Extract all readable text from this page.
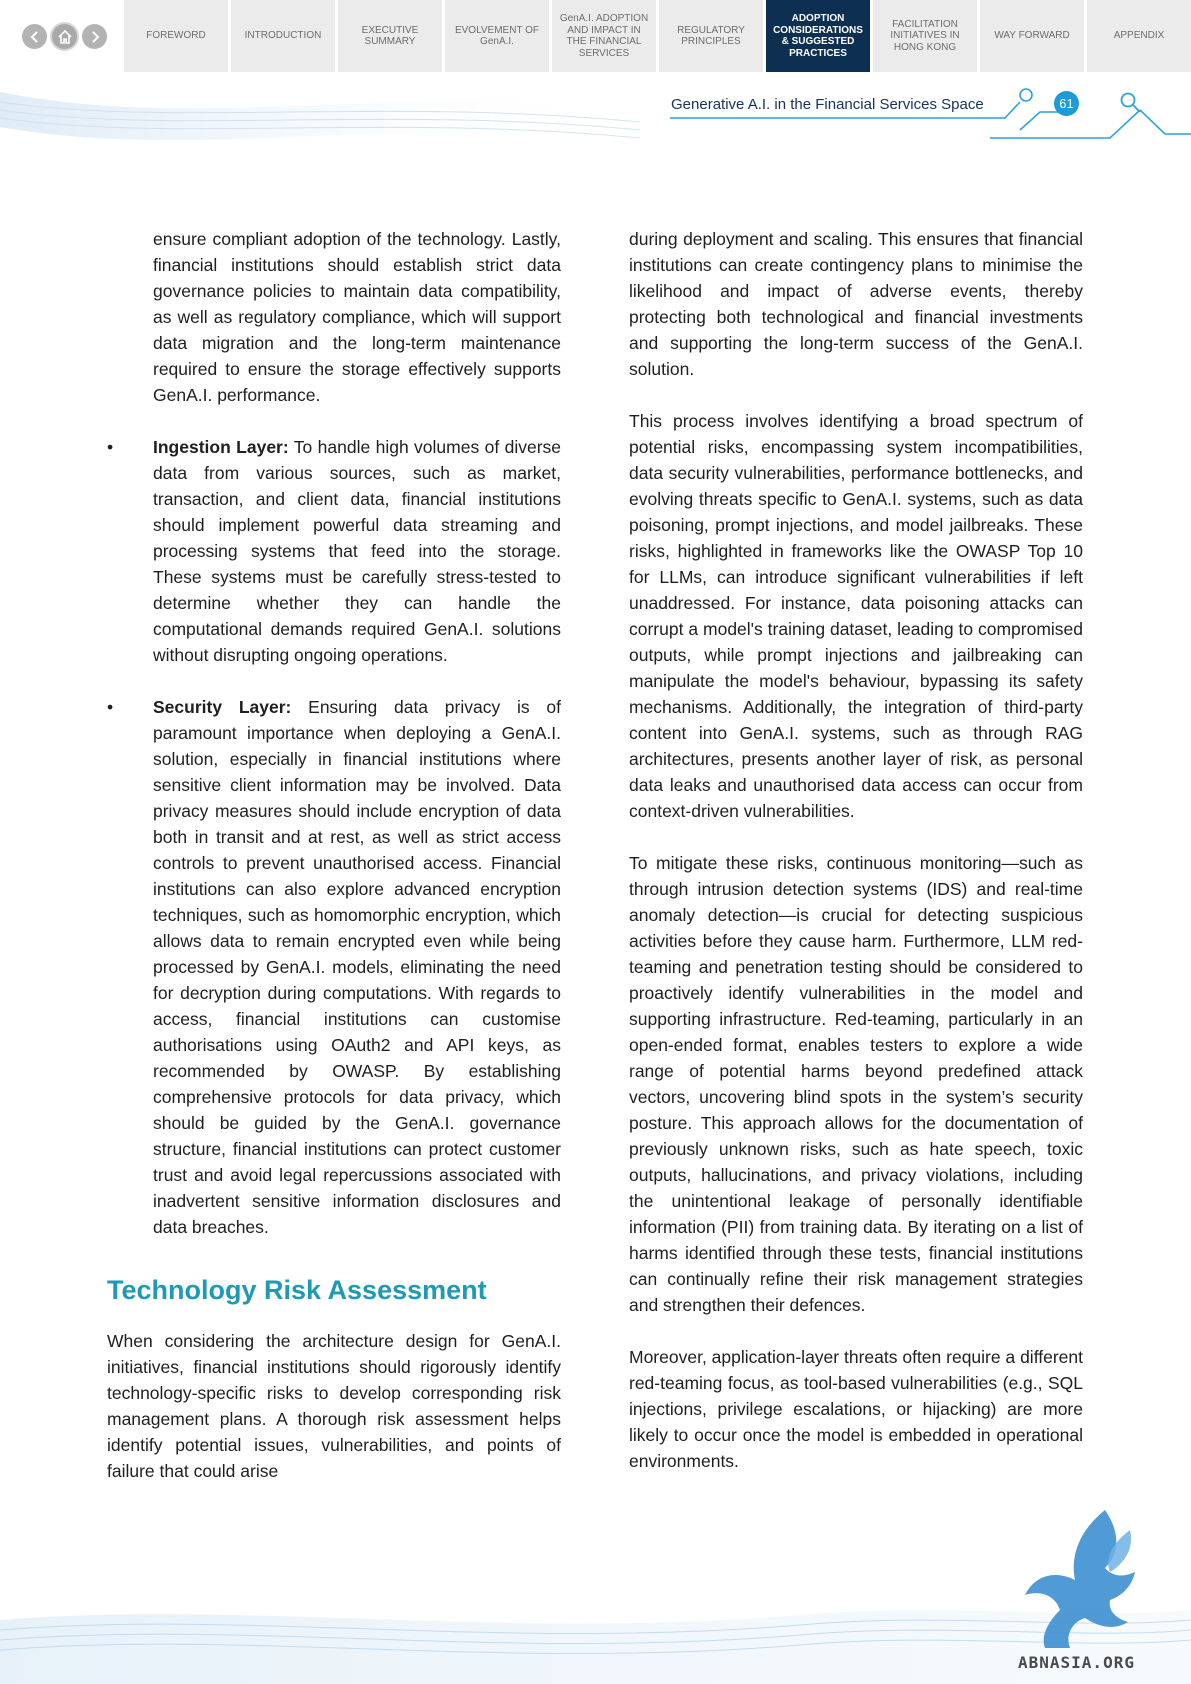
FOREWORD	INTRODUCTION
EXECUTIVE SUMMARY
EVOLVEMENT OF GenA.I.
GenA.I. ADOPTION AND IMPACT IN THE FINANCIAL SERVICES
REGULATORY PRINCIPLES
ADOPTION CONSIDERATIONS & SUGGESTED PRACTICES
FACILITATION INITIATIVES IN HONG KONG
WAY FORWARD	APPENDIX
Generative A.I. in the Financial Services Space	61

ensure compliant adoption of the technology. Lastly, financial institutions should establish strict data governance policies to maintain data compatibility, as well as regulatory compliance, which will support data migration and the long-term maintenance required to ensure the storage effectively supports GenA.I. performance.

• Ingestion Layer: To handle high volumes of diverse data from various sources, such as market, transaction, and client data, financial institutions should implement powerful data streaming and processing systems that feed into the storage. These systems must be carefully stress-tested to determine whether they can handle the computational demands required GenA.I. solutions without disrupting ongoing operations.
• Security Layer: Ensuring data privacy is of paramount importance when deploying a GenA.I. solution, especially in financial institutions where sensitive client information may be involved. Data privacy measures should include encryption of data both in transit and at rest, as well as strict access controls to prevent unauthorised access. Financial institutions can also explore advanced encryption techniques, such as homomorphic encryption, which allows data to remain encrypted even while being processed by GenA.I. models, eliminating the need for decryption during computations. With regards to access, financial institutions can customise authorisations using OAuth2 and API keys, as recommended by OWASP. By establishing comprehensive protocols for data privacy, which should be guided by the GenA.I. governance structure, financial institutions can protect customer trust and avoid legal repercussions associated with inadvertent sensitive information disclosures and data breaches.
Technology Risk Assessment

When considering the architecture design for GenA.I. initiatives, financial institutions should rigorously identify technology-specific risks to develop corresponding risk management plans. A thorough risk assessment helps identify potential issues, vulnerabilities, and points of failure that could arise

during deployment and scaling. This ensures that financial institutions can create contingency plans to minimise the likelihood and impact of adverse events, thereby protecting both technological and financial investments and supporting the long-term success of the GenA.I. solution.

This process involves identifying a broad spectrum of potential risks, encompassing system incompatibilities, data security vulnerabilities, performance bottlenecks, and evolving threats specific to GenA.I. systems, such as data poisoning, prompt injections, and model jailbreaks. These risks, highlighted in frameworks like the OWASP Top 10 for LLMs, can introduce significant vulnerabilities if left unaddressed. For instance, data poisoning attacks can corrupt a model's training dataset, leading to compromised outputs, while prompt injections and jailbreaking can manipulate the model's behaviour, bypassing its safety mechanisms. Additionally, the integration of third-party content into GenA.I. systems, such as through RAG architectures, presents another layer of risk, as personal data leaks and unauthorised data access can occur from context-driven vulnerabilities.

To mitigate these risks, continuous monitoring—such as through intrusion detection systems (IDS) and real-time anomaly detection—is crucial for detecting suspicious activities before they cause harm. Furthermore, LLM red-teaming and penetration testing should be considered to proactively identify vulnerabilities in the model and supporting infrastructure. Red-teaming, particularly in an open-ended format, enables testers to explore a wide range of potential harms beyond predefined attack vectors, uncovering blind spots in the system’s security posture. This approach allows for the documentation of previously unknown risks, such as hate speech, toxic outputs, hallucinations, and privacy violations, including the unintentional leakage of personally identifiable information (PII) from training data. By iterating on a list of harms identified through these tests, financial institutions can continually refine their risk management strategies and strengthen their defences.

Moreover, application-layer threats often require a different red-teaming focus, as tool-based vulnerabilities (e.g., SQL injections, privilege escalations, or hijacking) are more likely to occur once the model is embedded in operational environments.

ABNASIA.ORG
